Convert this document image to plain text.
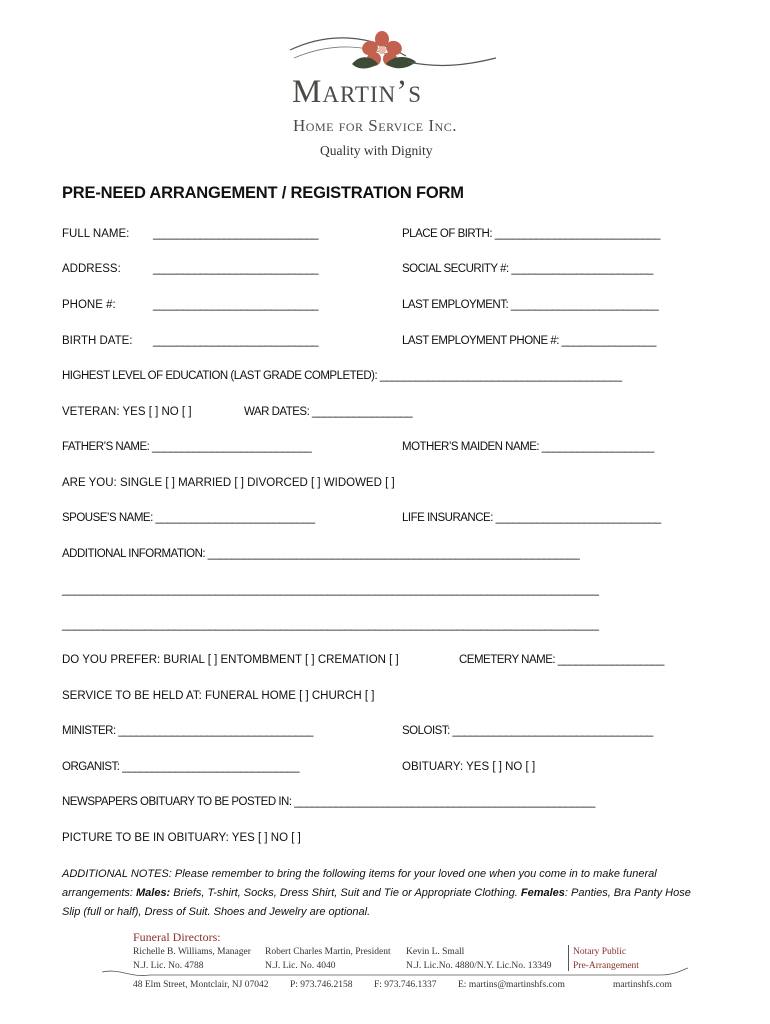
Martin’s
Home for Service Inc.
Quality with Dignity
PRE-NEED ARRANGEMENT / REGISTRATION FORM
FULL NAME: ____________________________	PLACE OF BIRTH: ____________________________
ADDRESS:	____________________________	SOCIAL SECURITY #: ________________________
PHONE #:	____________________________	LAST EMPLOYMENT: _________________________
BIRTH DATE: ____________________________	LAST EMPLOYMENT PHONE #: ________________
HIGHEST LEVEL OF EDUCATION (LAST GRADE COMPLETED): _________________________________________
VETERAN: YES [ ] NO [ ]	WAR DATES: _________________
FATHER’S NAME: ___________________________	MOTHER’S MAIDEN NAME: ___________________
ARE YOU: SINGLE [ ] MARRIED [ ] DIVORCED [ ] WIDOWED [ ]
SPOUSE’S NAME: ___________________________	LIFE INSURANCE: ____________________________
ADDITIONAL INFORMATION: _______________________________________________________________
___________________________________________________________________________________________
___________________________________________________________________________________________
DO YOU PREFER: BURIAL [ ] ENTOMBMENT [ ] CREMATION [ ]	CEMETERY NAME: __________________
SERVICE TO BE HELD AT: FUNERAL HOME [ ] CHURCH [ ]
MINISTER: _________________________________	SOLOIST: __________________________________
ORGANIST: ______________________________	OBITUARY: YES [ ] NO [ ]
NEWSPAPERS OBITUARY TO BE POSTED IN: ___________________________________________________
PICTURE TO BE IN OBITUARY: YES [ ] NO [ ]
ADDITIONAL NOTES: Please remember to bring the following items for your loved one when you come in to make funeral arrangements: Males: Briefs, T-shirt, Socks, Dress Shirt, Suit and Tie or Appropriate Clothing. Females: Panties, Bra Panty Hose Slip (full or half), Dress of Suit. Shoes and Jewelry are optional.
Funeral Directors:
Richelle B. Williams, Manager
N.J. Lic. No. 4788
Robert Charles Martin, President
N.J. Lic. No. 4040
Kevin L. Small
N.J. Lic.No. 4880/N.Y. Lic.No. 13349
Notary Public
Pre-Arrangement
48 Elm Street, Montclair, NJ 07042 P: 973.746.2158 F: 973.746.1337 E: martins@martinshfs.com	martinshfs.com
